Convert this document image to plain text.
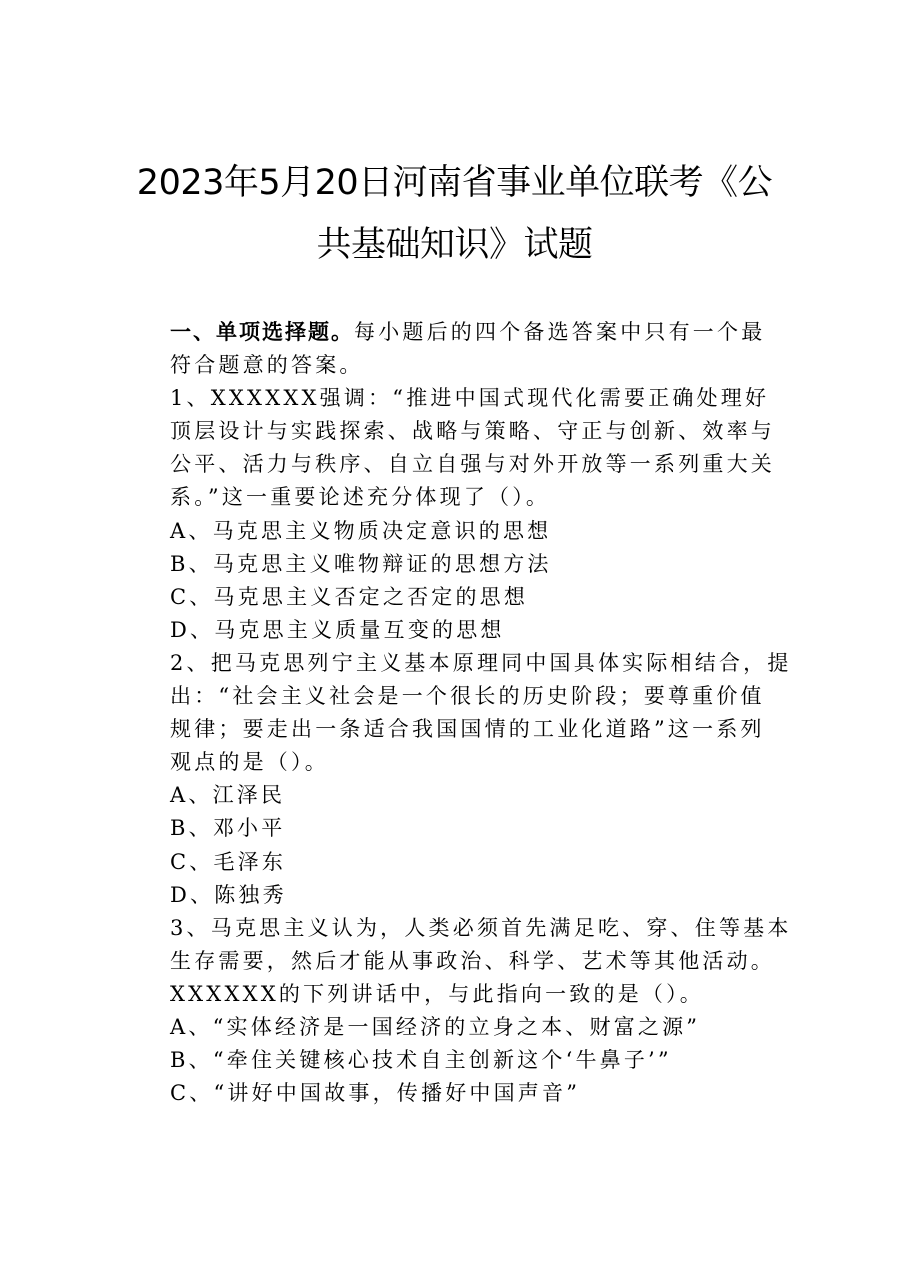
2023年5月20日河南省事业单位联考《公
共基础知识》试题
一、单项选择题。每小题后的四个备选答案中只有一个最
符合题意的答案。
1、XXXXXX强调：“推进中国式现代化需要正确处理好
顶层设计与实践探索、战略与策略、守正与创新、效率与
公平、活力与秩序、自立自强与对外开放等一系列重大关
系。”这一重要论述充分体现了（）。
A、马克思主义物质决定意识的思想
B、马克思主义唯物辩证的思想方法
C、马克思主义否定之否定的思想
D、马克思主义质量互变的思想
2、把马克思列宁主义基本原理同中国具体实际相结合，提
出：“社会主义社会是一个很长的历史阶段；要尊重价值
规律；要走出一条适合我国国情的工业化道路”这一系列
观点的是（）。
A、江泽民
B、邓小平
C、毛泽东
D、陈独秀
3、马克思主义认为，人类必须首先满足吃、穿、住等基本
生存需要，然后才能从事政治、科学、艺术等其他活动。
XXXXXX的下列讲话中，与此指向一致的是（）。
A、“实体经济是一国经济的立身之本、财富之源”
B、“牵住关键核心技术自主创新这个‘牛鼻子’”
C、“讲好中国故事，传播好中国声音”
